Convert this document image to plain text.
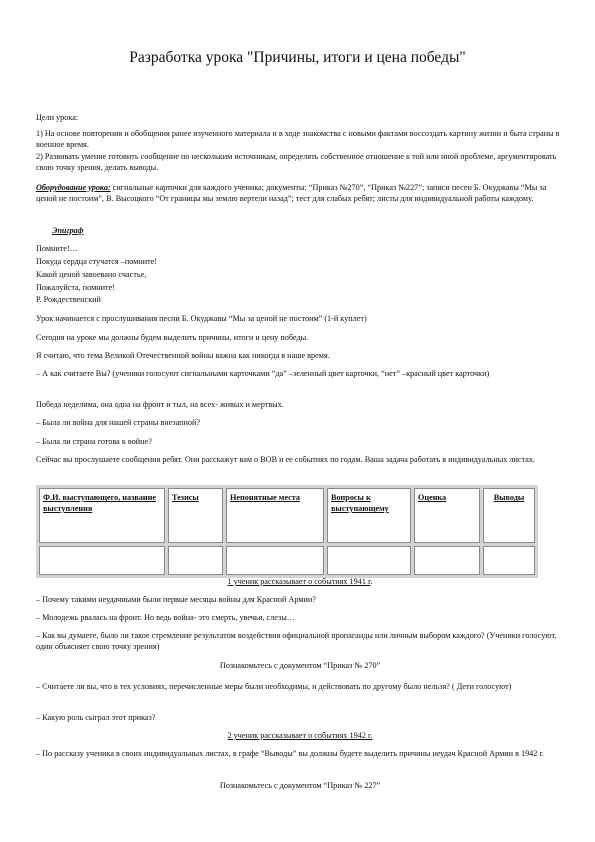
Разработка урока "Причины, итоги и цена победы"
Цели урока:
1) На основе повторения и обобщения ранее изученного материала и в ходе знакомства с новыми фактами воссоздать картину жизни и быта страны в военное время.
2) Развивать умение готовить сообщение по нескольким источникам, определять собственное отношение к той или иной проблеме, аргументировать свою точку зрения, делать выводы.
Оборудование урока: сигнальные карточки для каждого ученика; документы: “Приказ №270”, “Приказ №227”; записи песен Б. Окуджавы “Мы за ценой не постоим”, В. Высоцкого “От границы мы землю вертели назад”; тест для слабых ребят; листы для индивидуальной работы каждому.
Эпиграф
Помните!…
Покуда сердца стучатся –помните!
Какой ценой завоевано счастье,
Пожалуйста, помните!
Р. Рождественский
Урок начинается с прослушивания песни Б. Окуджавы “Мы за ценой не постоим” (1-й куплет)
Сегодня на уроке мы должны будем выделить причины, итоги и цену победы.
Я считаю, что тема Великой Отечественной войны важна как никогда в наше время.
– А как считаете Вы? (ученики голосуют сигнальными карточками “да” –зеленный цвет карточки, “нет” –красный цвет карточки)
Победа неделима, она одна на фронт и тыл, на всех- живых и мертвых.
– Была ли война для нашей страны внезапной?
– Была ли страна готова к войне?
Сейчас вы прослушаете сообщения ребят. Они расскажут вам о ВОВ и ее событиях по годам. Ваша задача работать в индивидуальных листах.
Ф.И. выступающего, название выступления	Тезисы	Непонятные места	Вопросы к выступающему	Оценка	Выводы

1 ученик рассказывает о событиях 1941 г.
– Почему такими неудачными были первые месяцы войны для Красной Армии?
– Молодежь рвалась на фронт. Но ведь война- это смерть, увечья, слезы…
– Как вы думаете, было ли такое стремление результатом воздействия официальной пропаганды или личным выбором каждого? (Ученики голосуют, один объясняет свою точку зрения)
Познакомьтесь с документом “Приказ № 270”
– Считаете ли вы, что в тех условиях, перечисленные меры были необходимы, и действовать по другому было нельзя? ( Дети голосуют)
– Какую роль сыграл этот приказ?
2 ученик рассказывает о событиях 1942 г.
– По рассказу ученика в своих индивидуальных листах, в графе “Выводы” вы должны будете выделить причины неудач Красной Армии в 1942 г.
Познакомьтесь с документом “Приказ № 227”
